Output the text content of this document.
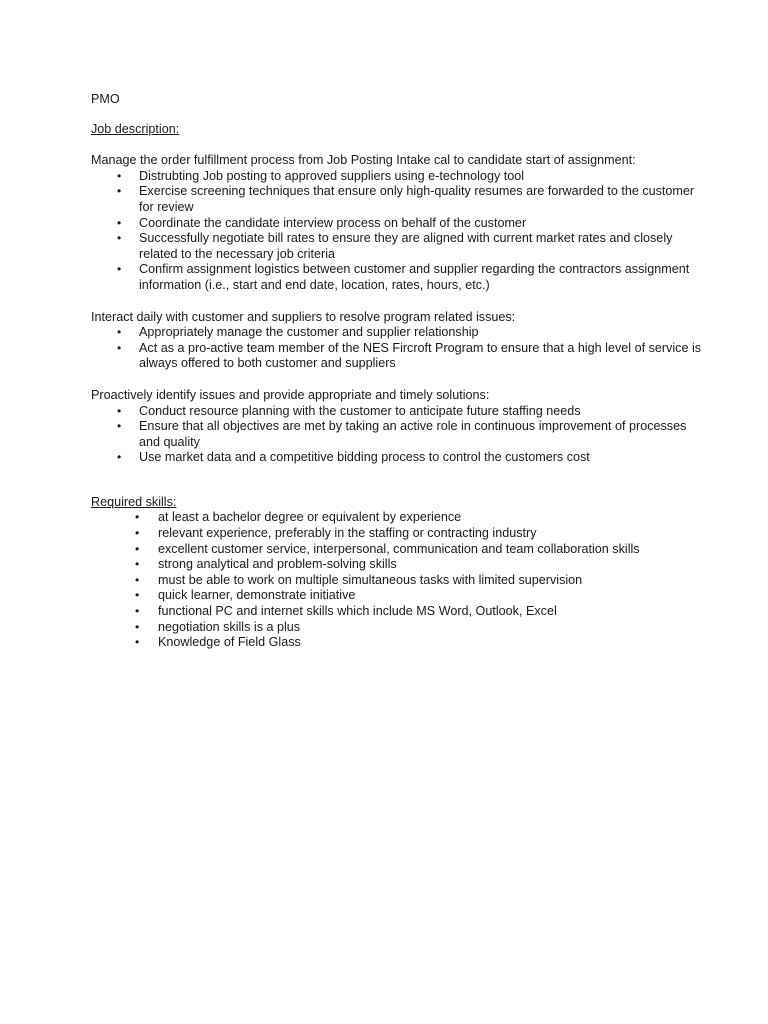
PMO
Job description:

Manage the order fulfillment process from Job Posting Intake cal to candidate start of assignment:

• Distrubting Job posting to approved suppliers using e-technology tool
• Exercise screening techniques that ensure only high-quality resumes are forwarded to the customer for review
• Coordinate the candidate interview process on behalf of the customer
• Successfully negotiate bill rates to ensure they are aligned with current market rates and closely related to the necessary job criteria
• Confirm assignment logistics between customer and supplier regarding the contractors assignment information (i.e., start and end date, location, rates, hours, etc.)

Interact daily with customer and suppliers to resolve program related issues:

• Appropriately manage the customer and supplier relationship
• Act as a pro-active team member of the NES Fircroft Program to ensure that a high level of service is always offered to both customer and suppliers

Proactively identify issues and provide appropriate and timely solutions:

• Conduct resource planning with the customer to anticipate future staffing needs
• Ensure that all objectives are met by taking an active role in continuous improvement of processes and quality
• Use market data and a competitive bidding process to control the customers cost
Required skills:
• at least a bachelor degree or equivalent by experience
• relevant experience, preferably in the staffing or contracting industry
• excellent customer service, interpersonal, communication and team collaboration skills
• strong analytical and problem-solving skills
• must be able to work on multiple simultaneous tasks with limited supervision
• quick learner, demonstrate initiative
• functional PC and internet skills which include MS Word, Outlook, Excel
• negotiation skills is a plus
• Knowledge of Field Glass
